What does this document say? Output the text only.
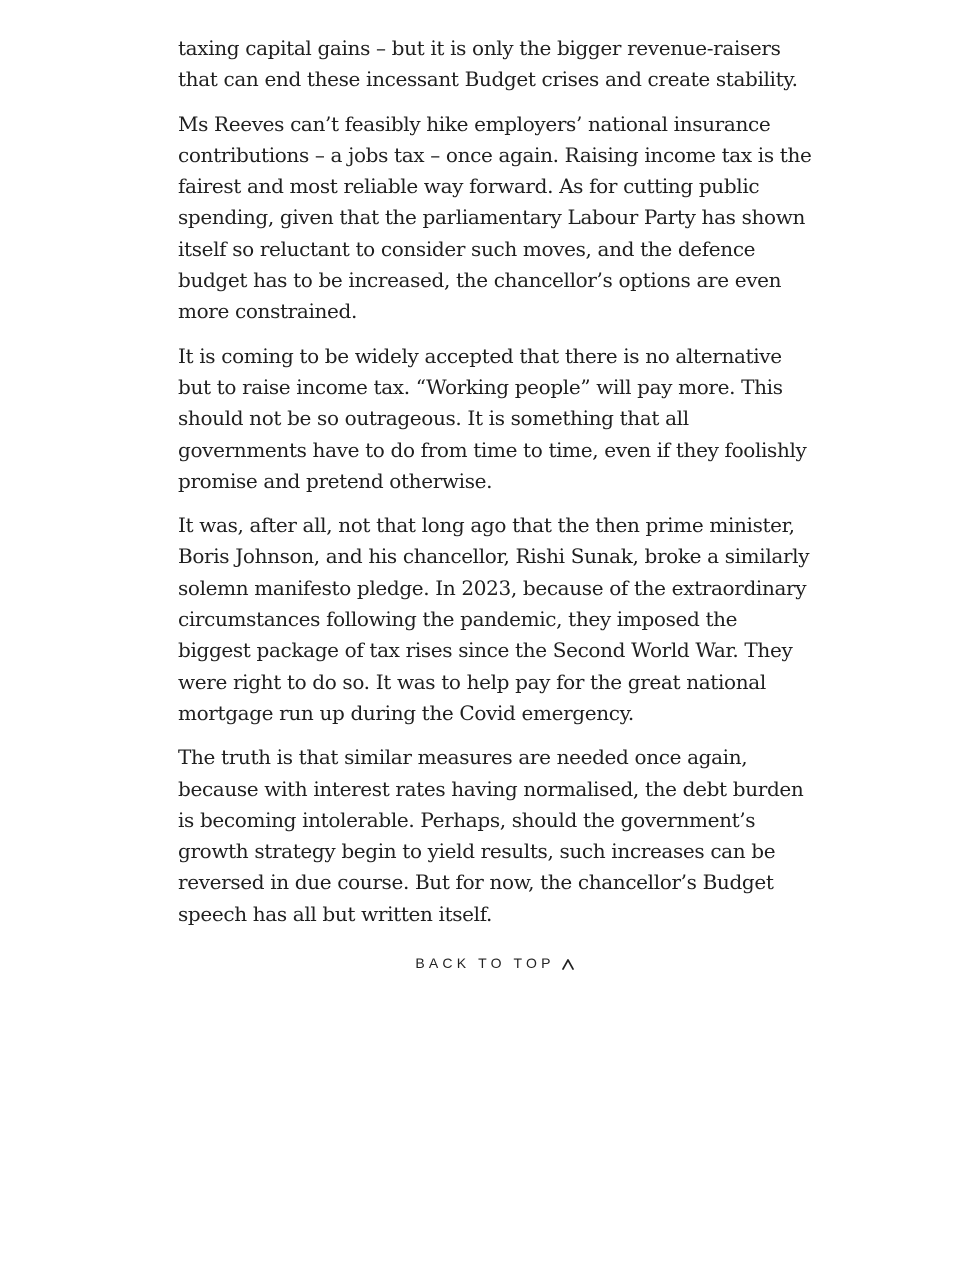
taxing capital gains – but it is only the bigger revenue-raisers
that can end these incessant Budget crises and create stability.

Ms Reeves can’t feasibly hike employers’ national insurance
contributions – a jobs tax – once again. Raising income tax is the
fairest and most reliable way forward. As for cutting public
spending, given that the parliamentary Labour Party has shown
itself so reluctant to consider such moves, and the defence
budget has to be increased, the chancellor’s options are even
more constrained.

It is coming to be widely accepted that there is no alternative
but to raise income tax. “Working people” will pay more. This
should not be so outrageous. It is something that all
governments have to do from time to time, even if they foolishly
promise and pretend otherwise.

It was, after all, not that long ago that the then prime minister,
Boris Johnson, and his chancellor, Rishi Sunak, broke a similarly
solemn manifesto pledge. In 2023, because of the extraordinary
circumstances following the pandemic, they imposed the
biggest package of tax rises since the Second World War. They
were right to do so. It was to help pay for the great national
mortgage run up during the Covid emergency.

The truth is that similar measures are needed once again,
because with interest rates having normalised, the debt burden
is becoming intolerable. Perhaps, should the government’s
growth strategy begin to yield results, such increases can be
reversed in due course. But for now, the chancellor’s Budget
speech has all but written itself.

BACK TO TOP
